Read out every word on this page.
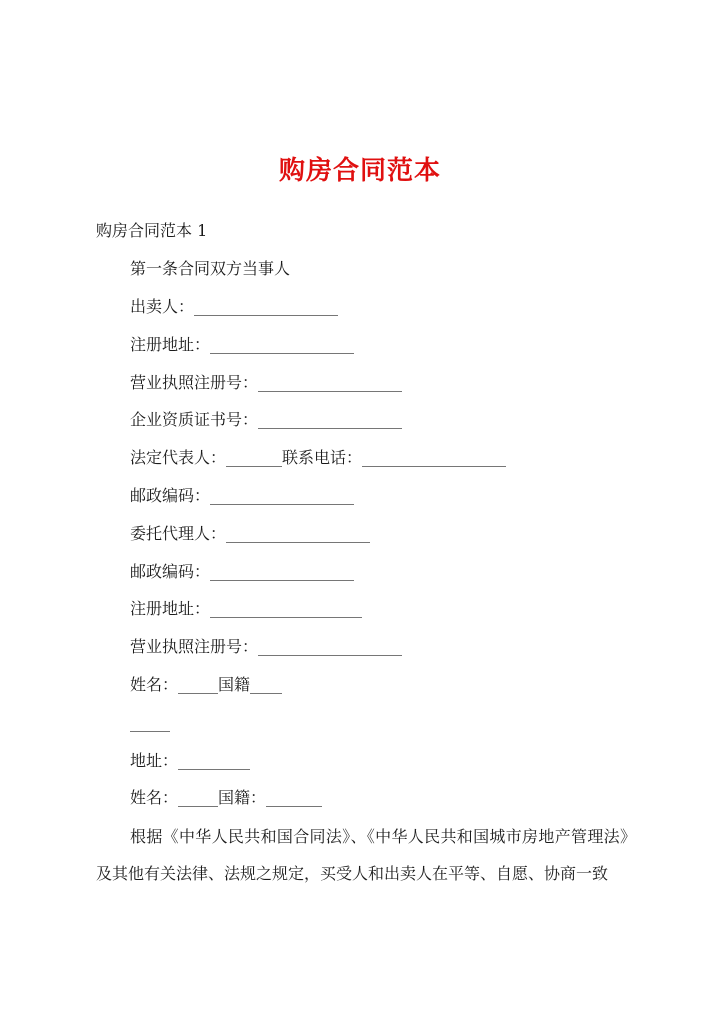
购房合同范本
购房合同范本 1
第一条合同双方当事人
出卖人：__________________
注册地址：__________________
营业执照注册号：__________________
企业资质证书号：__________________
法定代表人：_______联系电话：__________________
邮政编码：__________________
委托代理人：__________________
邮政编码：__________________
注册地址：___________________
营业执照注册号：__________________
姓名：_____国籍____
_____
地址：_________
姓名：_____国籍：_______
根据《中华人民共和国合同法》、《中华人民共和国城市房地产管理法》及其他有关法律、法规之规定，买受人和出卖人在平等、自愿、协商一致
